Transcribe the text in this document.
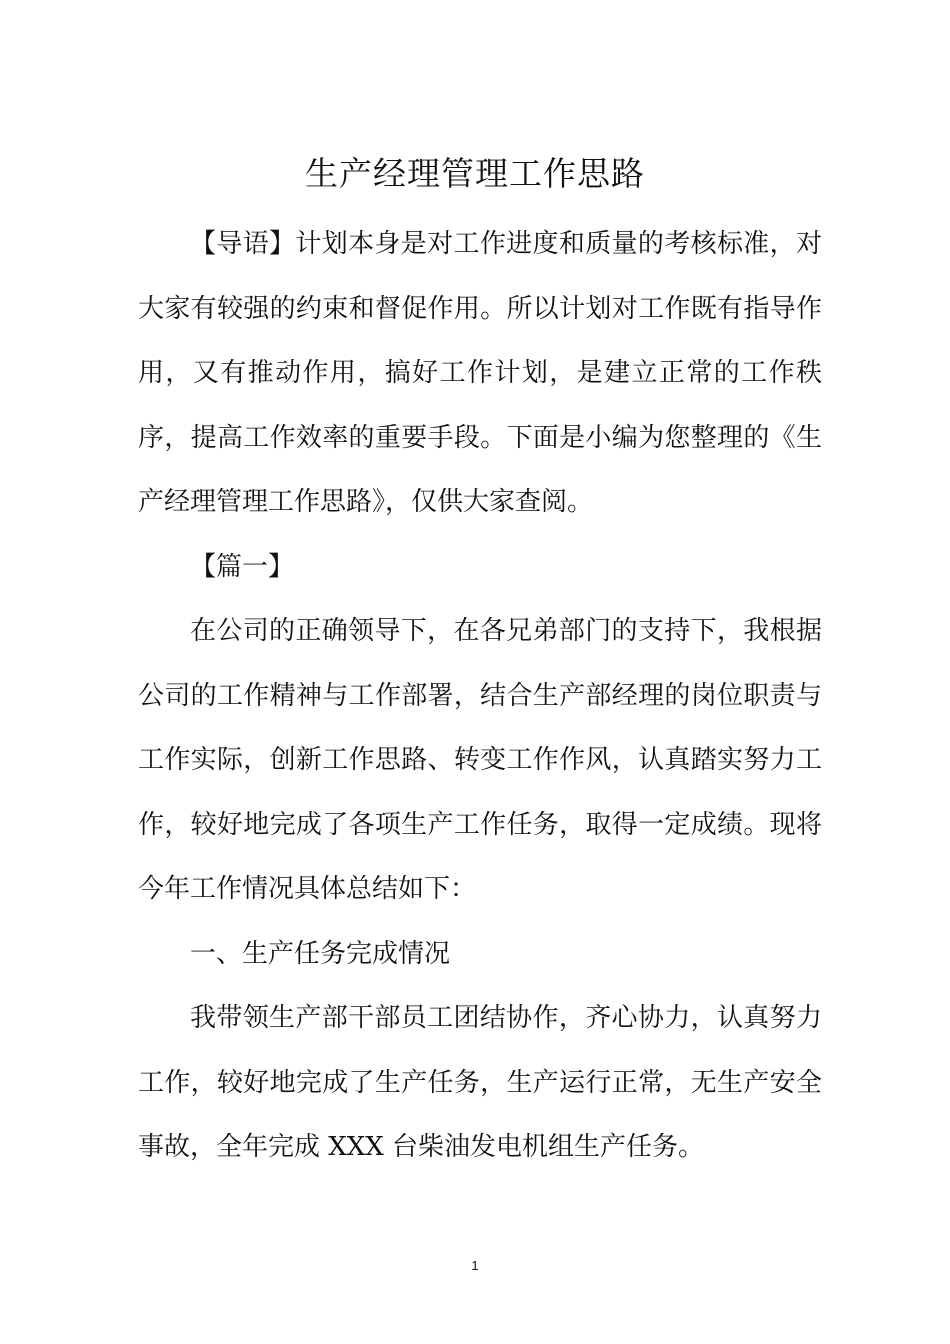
生产经理管理工作思路

【导语】计划本身是对工作进度和质量的考核标准，对大家有较强的约束和督促作用。所以计划对工作既有指导作用，又有推动作用，搞好工作计划，是建立正常的工作秩序，提高工作效率的重要手段。下面是小编为您整理的《生产经理管理工作思路》，仅供大家查阅。

【篇一】

在公司的正确领导下，在各兄弟部门的支持下，我根据公司的工作精神与工作部署，结合生产部经理的岗位职责与工作实际，创新工作思路、转变工作作风，认真踏实努力工作，较好地完成了各项生产工作任务，取得一定成绩。现将今年工作情况具体总结如下：

一、生产任务完成情况

我带领生产部干部员工团结协作，齐心协力，认真努力工作，较好地完成了生产任务，生产运行正常，无生产安全事故，全年完成 XXX 台柴油发电机组生产任务。

1
